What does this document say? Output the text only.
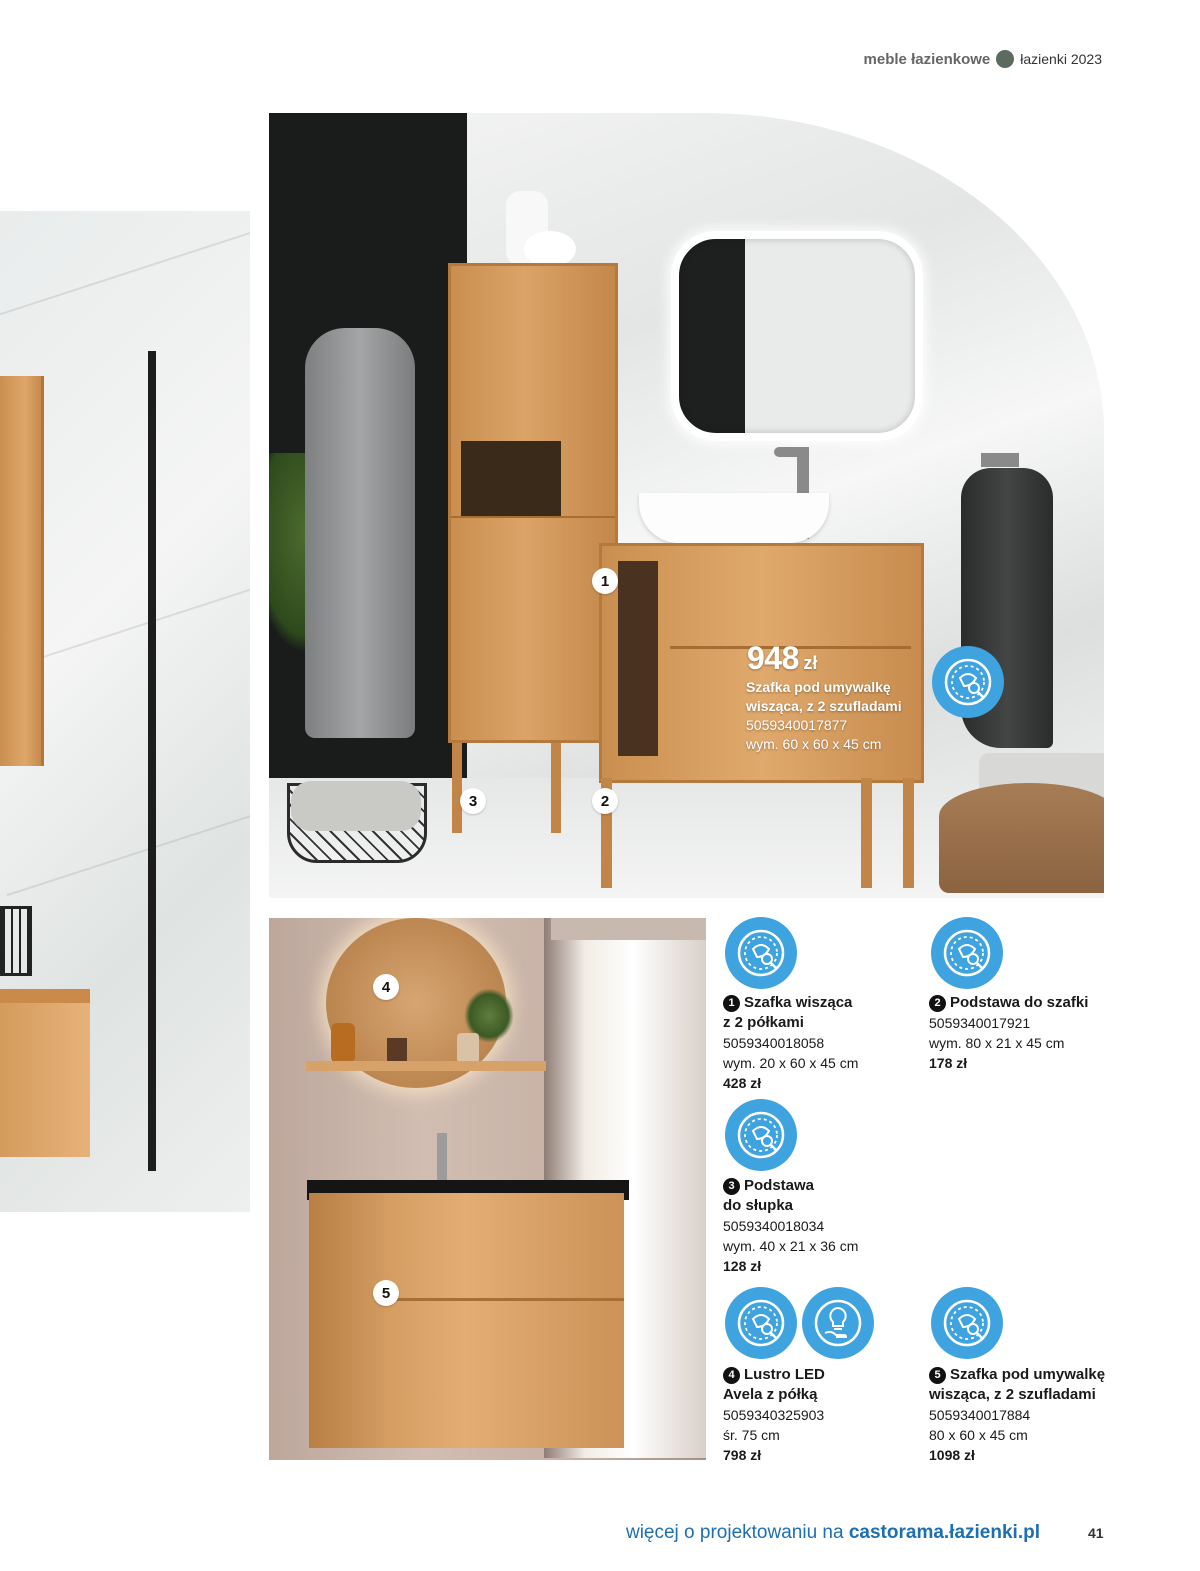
meble łazienkowe łazienki 2023
1
2
3
948 zł
Szafka pod umywalkę
wisząca, z 2 szufladami
5059340017877
wym. 60 x 60 x 45 cm
4
5
1 Szafka wisząca
z 2 półkami
5059340018058
wym. 20 x 60 x 45 cm
428 zł
2 Podstawa do szafki
5059340017921
wym. 80 x 21 x 45 cm
178 zł
3 Podstawa
do słupka
5059340018034
wym. 40 x 21 x 36 cm
128 zł
4 Lustro LED
Avela z półką
5059340325903
śr. 75 cm
798 zł
5 Szafka pod umywalkę
wisząca, z 2 szufladami
5059340017884
80 x 60 x 45 cm
1098 zł
więcej o projektowaniu na castorama.łazienki.pl	41
